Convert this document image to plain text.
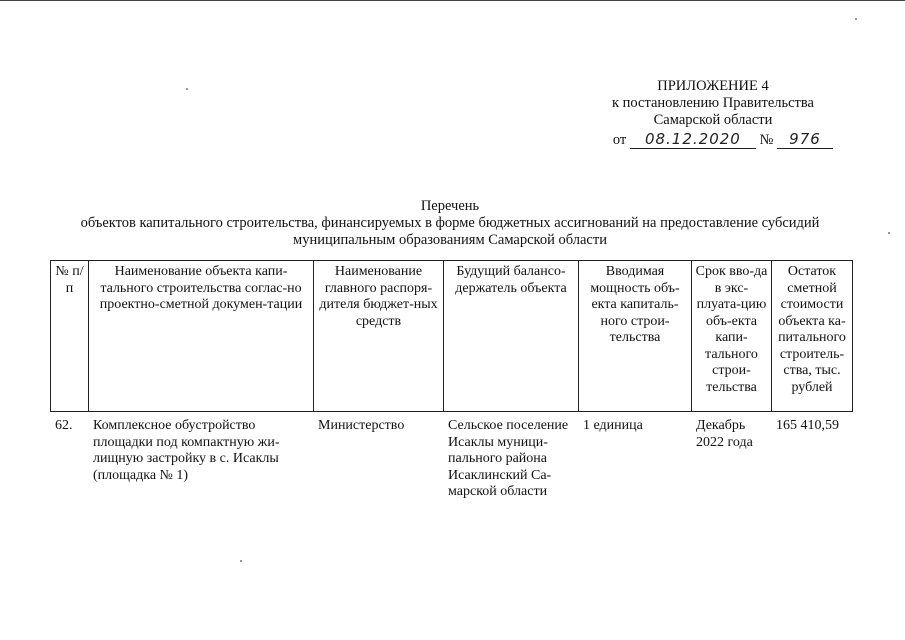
ПРИЛОЖЕНИЕ 4
к постановлению Правительства
Самарской области
от 08.12.2020 № 976
Перечень
объектов капитального строительства, финансируемых в форме бюджетных ассигнований на предоставление субсидий
муниципальным образованиям Самарской области
№ п/п	Наименование объекта капи-тального строительства соглас-но проектно-сметной докумен-тации	Наименование главного распоря-дителя бюджет-ных средств	Будущий балансо-держатель объекта	Вводимая мощность объ-екта капиталь-ного строи-тельства	Срок вво-да в экс-плуата-цию объ-екта капи-тального строи-тельства	Остаток сметной стоимости объекта ка-питального строитель-ства, тыс. рублей
62.	Комплексное обустройство площадки под компактную жи-лищную застройку в с. Исаклы (площадка № 1)	Министерство	Сельское поселение Исаклы муници-пального района Исаклинский Са-марской области	1 единица	Декабрь 2022 года	165 410,59
